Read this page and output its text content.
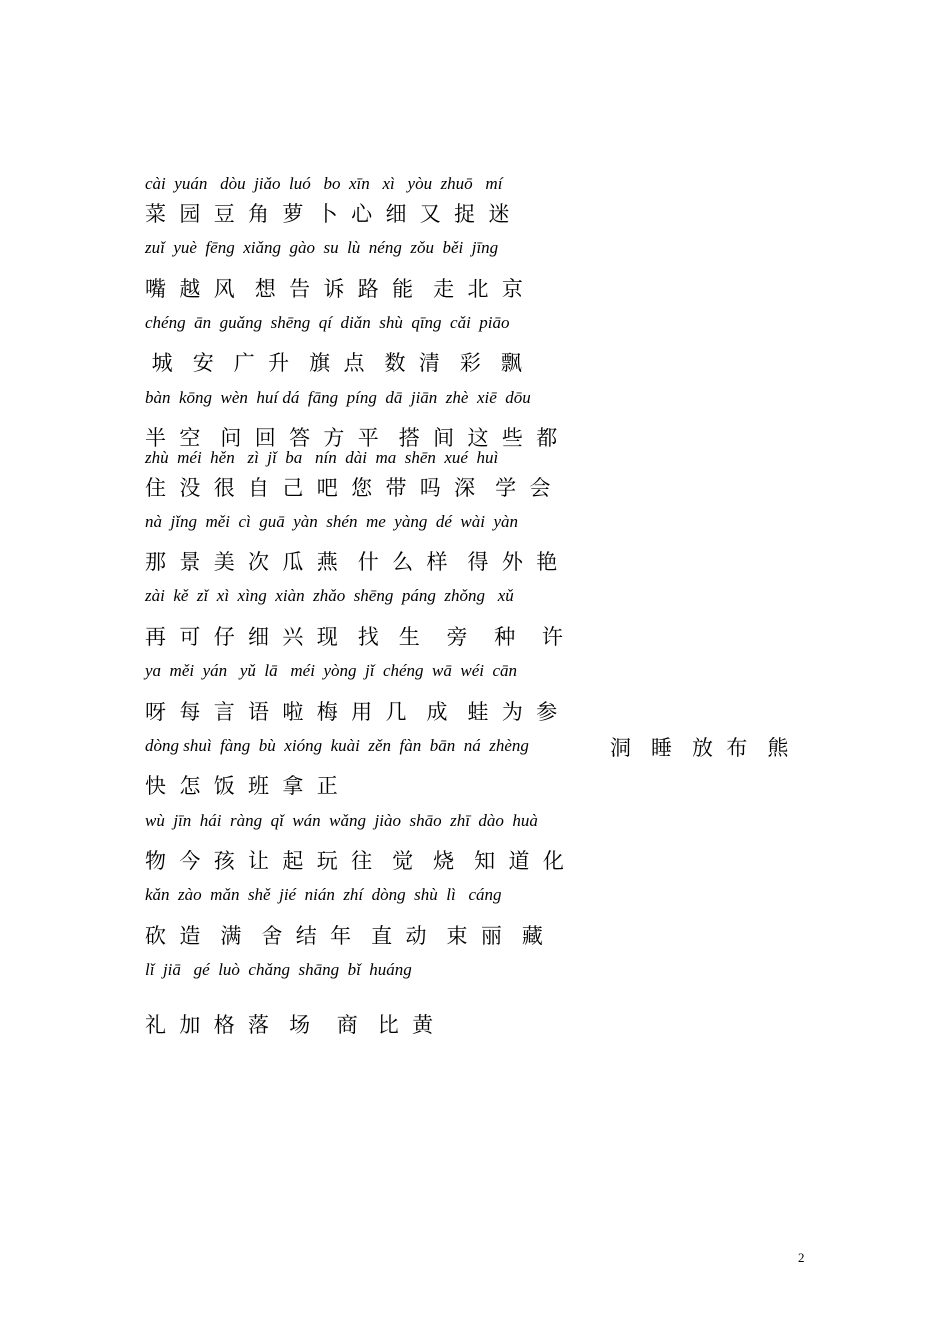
cài  yuán   dòu  jiǎo  luó   bo  xīn   xì   yòu  zhuō   mí
菜  园  豆  角  萝  卜  心  细  又  捉  迷
zuǐ  yuè  fēng  xiǎng  gào  su  lù  néng  zǒu  běi  jīng
嘴  越  风   想  告  诉  路  能   走  北  京
chéng  ān  guǎng  shēng  qí  diǎn  shù  qīng  cǎi  piāo
城   安   广  升   旗  点   数  清   彩   飘
bàn  kōng  wèn  huí dá  fāng  píng  dā  jiān  zhè  xiē  dōu
半  空   问  回  答  方  平   搭  间  这  些  都
zhù  méi  hěn   zì  jǐ  ba   nín  dài  ma  shēn  xué  huì
住  没  很  自  己  吧  您  带  吗  深   学  会
nà  jǐng  měi  cì  guā  yàn  shén  me  yàng  dé  wài  yàn
那  景  美  次  瓜  燕   什  么  样   得  外  艳
zài  kě  zǐ  xì  xìng  xiàn  zhǎo  shēng  páng  zhǒng   xǔ
再  可  仔  细  兴  现   找   生    旁    种    许
yɑ  měi  yán   yǔ  lā   méi  yòng  jǐ  chéng  wā  wéi  cān
呀  每  言  语  啦  梅  用  几   成   蛙  为  参
dòng shuì  fàng  bù  xióng  kuài  zěn  fàn  bān  ná  zhèng	洞   睡   放  布   熊
快  怎  饭  班  拿  正
wù  jīn  hái  ràng  qǐ  wán  wǎng  jiào  shāo  zhī  dào  huà
物  今  孩  让  起  玩  往   觉   烧   知  道  化
kǎn  zào  mǎn  shě  jié  nián  zhí  dòng  shù  lì   cáng
砍  造   满   舍  结  年   直  动   束  丽   藏
lǐ  jiā   gé  luò  chǎng  shāng  bǐ  huáng
礼  加  格  落   场    商   比  黄
2
